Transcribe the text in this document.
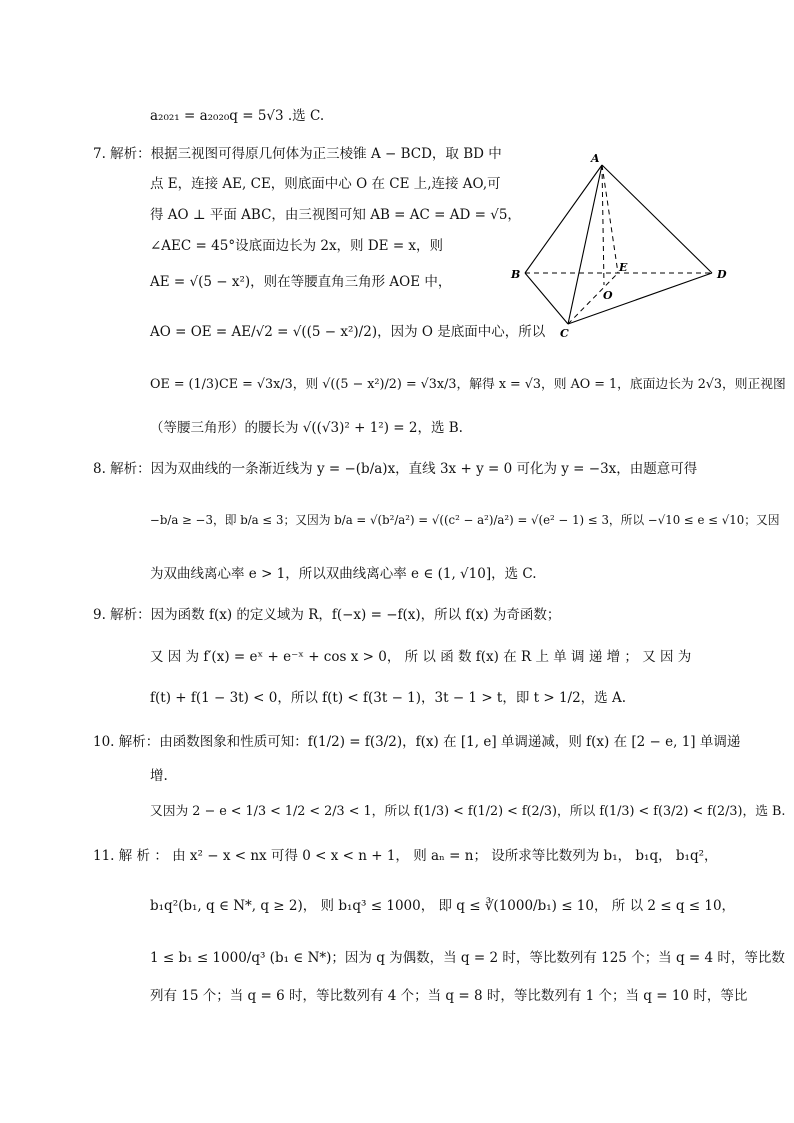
a₂₀₂₁ = a₂₀₂₀q = 5√3 .选 C.
7. 解析：根据三视图可得原几何体为正三棱锥 A − BCD，取 BD 中
点 E，连接 AE, CE，则底面中心 O 在 CE 上,连接 AO,可
得 AO ⊥ 平面 ABC，由三视图可知 AB = AC = AD = √5，
∠AEC = 45°设底面边长为 2x，则 DE = x，则
AE = √(5 − x²)，则在等腰直角三角形 AOE 中，
AO = OE = AE/√2 = √((5 − x²)/2)，因为 O 是底面中心，所以
OE = (1/3)CE = √3x/3，则 √((5 − x²)/2) = √3x/3，解得 x = √3，则 AO = 1，底面边长为 2√3，则正视图
（等腰三角形）的腰长为 √((√3)² + 1²) = 2，选 B.
A
B
C
D
E
O
8. 解析：因为双曲线的一条渐近线为 y = −(b/a)x，直线 3x + y = 0 可化为 y = −3x，由题意可得
−b/a ≥ −3，即 b/a ≤ 3；又因为 b/a = √(b²/a²) = √((c² − a²)/a²) = √(e² − 1) ≤ 3，所以 −√10 ≤ e ≤ √10；又因
为双曲线离心率 e > 1，所以双曲线离心率 e ∈ (1, √10]，选 C.
9. 解析：因为函数 f(x) 的定义域为 R，f(−x) = −f(x)，所以 f(x) 为奇函数；
又 因 为 f′(x) = eˣ + e⁻ˣ + cos x > 0， 所 以 函 数 f(x) 在 R 上 单 调 递 增 ； 又 因 为
f(t) + f(1 − 3t) < 0，所以 f(t) < f(3t − 1)，3t − 1 > t，即 t > 1/2，选 A.
10. 解析：由函数图象和性质可知：f(1/2) = f(3/2)，f(x) 在 [1, e] 单调递减，则 f(x) 在 [2 − e, 1] 单调递
增.
又因为 2 − e < 1/3 < 1/2 < 2/3 < 1，所以 f(1/3) < f(1/2) < f(2/3)，所以 f(1/3) < f(3/2) < f(2/3)，选 B.
11. 解 析 ： 由 x² − x < nx 可得 0 < x < n + 1， 则 aₙ = n； 设所求等比数列为 b₁， b₁q， b₁q²，
b₁q²(b₁, q ∈ N*, q ≥ 2)， 则 b₁q³ ≤ 1000， 即 q ≤ ∛(1000/b₁) ≤ 10， 所 以 2 ≤ q ≤ 10，
1 ≤ b₁ ≤ 1000/q³ (b₁ ∈ N*)；因为 q 为偶数，当 q = 2 时，等比数列有 125 个；当 q = 4 时，等比数
列有 15 个；当 q = 6 时，等比数列有 4 个；当 q = 8 时，等比数列有 1 个；当 q = 10 时，等比
